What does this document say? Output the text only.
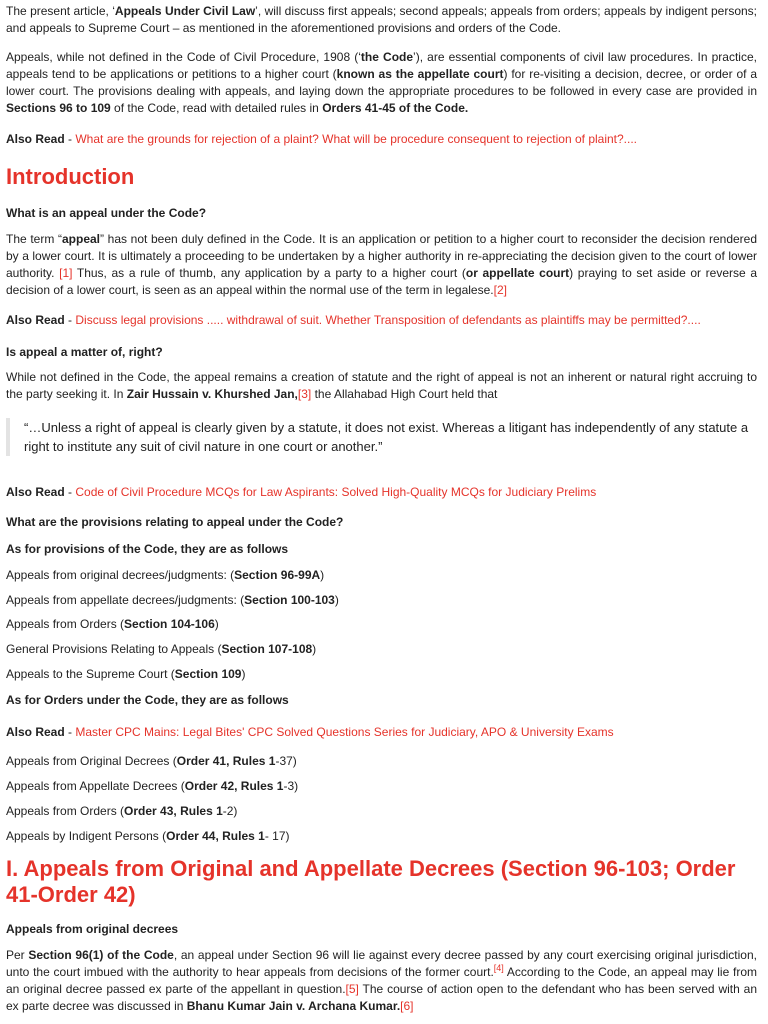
The present article, ‘Appeals Under Civil Law’, will discuss first appeals; second appeals; appeals from orders; appeals by indigent persons; and appeals to Supreme Court – as mentioned in the aforementioned provisions and orders of the Code.

Appeals, while not defined in the Code of Civil Procedure, 1908 (‘the Code’), are essential components of civil law procedures. In practice, appeals tend to be applications or petitions to a higher court (known as the appellate court) for re-visiting a decision, decree, or order of a lower court. The provisions dealing with appeals, and laying down the appropriate procedures to be followed in every case are provided in Sections 96 to 109 of the Code, read with detailed rules in Orders 41-45 of the Code.

Also Read - What are the grounds for rejection of a plaint? What will be procedure consequent to rejection of plaint?....

Introduction

What is an appeal under the Code?

The term “appeal” has not been duly defined in the Code. It is an application or petition to a higher court to reconsider the decision rendered by a lower court. It is ultimately a proceeding to be undertaken by a higher authority in re-appreciating the decision given to the court of lower authority. [1] Thus, as a rule of thumb, any application by a party to a higher court (or appellate court) praying to set aside or reverse a decision of a lower court, is seen as an appeal within the normal use of the term in legalese.[2]

Also Read - Discuss legal provisions ..... withdrawal of suit. Whether Transposition of defendants as plaintiffs may be permitted?....

Is appeal a matter of, right?

While not defined in the Code, the appeal remains a creation of statute and the right of appeal is not an inherent or natural right accruing to the party seeking it. In Zair Hussain v. Khurshed Jan,[3] the Allahabad High Court held that

“…Unless a right of appeal is clearly given by a statute, it does not exist. Whereas a litigant has independently of any statute a right to institute any suit of civil nature in one court or another.”

Also Read - Code of Civil Procedure MCQs for Law Aspirants: Solved High-Quality MCQs for Judiciary Prelims

What are the provisions relating to appeal under the Code?

As for provisions of the Code, they are as follows

Appeals from original decrees/judgments: (Section 96-99A)

Appeals from appellate decrees/judgments: (Section 100-103)

Appeals from Orders (Section 104-106)

General Provisions Relating to Appeals (Section 107-108)

Appeals to the Supreme Court (Section 109)

As for Orders under the Code, they are as follows

Also Read - Master CPC Mains: Legal Bites' CPC Solved Questions Series for Judiciary, APO & University Exams

Appeals from Original Decrees (Order 41, Rules 1-37)

Appeals from Appellate Decrees (Order 42, Rules 1-3)

Appeals from Orders (Order 43, Rules 1-2)

Appeals by Indigent Persons (Order 44, Rules 1- 17)

I. Appeals from Original and Appellate Decrees (Section 96-103; Order 41-Order 42)

Appeals from original decrees

Per Section 96(1) of the Code, an appeal under Section 96 will lie against every decree passed by any court exercising original jurisdiction, unto the court imbued with the authority to hear appeals from decisions of the former court.[4] According to the Code, an appeal may lie from an original decree passed ex parte of the appellant in question.[5] The course of action open to the defendant who has been served with an ex parte decree was discussed in Bhanu Kumar Jain v. Archana Kumar.[6]
